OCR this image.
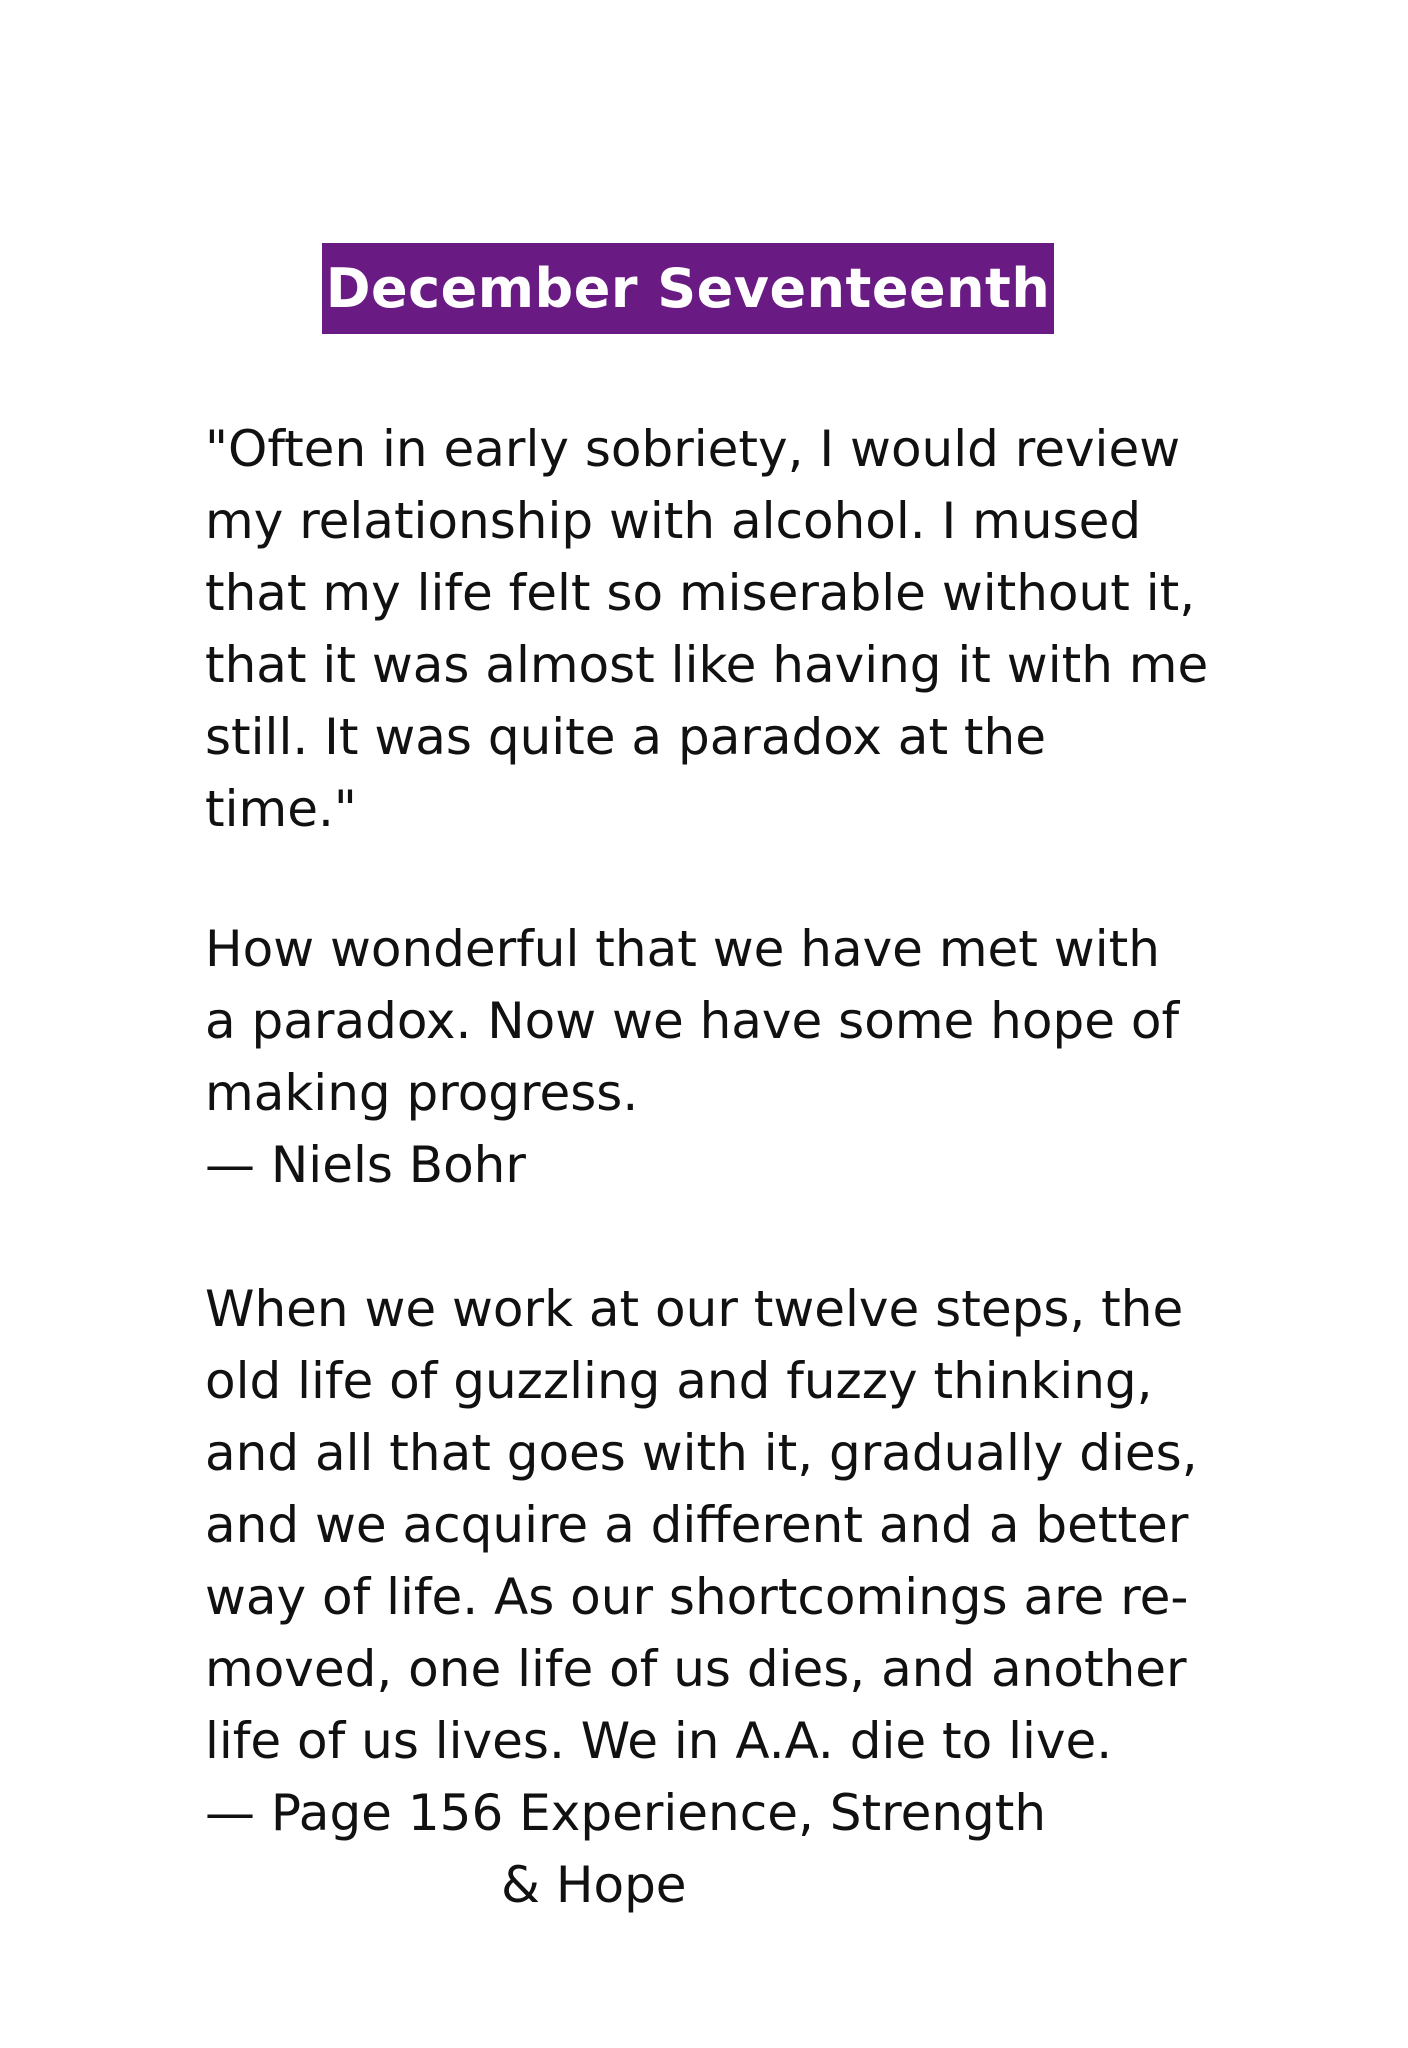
December Seventeenth
"Often in early sobriety, I would review
my relationship with alcohol. I mused
that my life felt so miserable without it,
that it was almost like having it with me
still. It was quite a paradox at the
time."
How wonderful that we have met with
a paradox. Now we have some hope of
making progress.
— Niels Bohr
When we work at our twelve steps, the
old life of guzzling and fuzzy thinking,
and all that goes with it, gradually dies,
and we acquire a different and a better
way of life. As our shortcomings are re-
moved, one life of us dies, and another
life of us lives. We in A.A. die to live.
— Page 156 Experience, Strength
& Hope
